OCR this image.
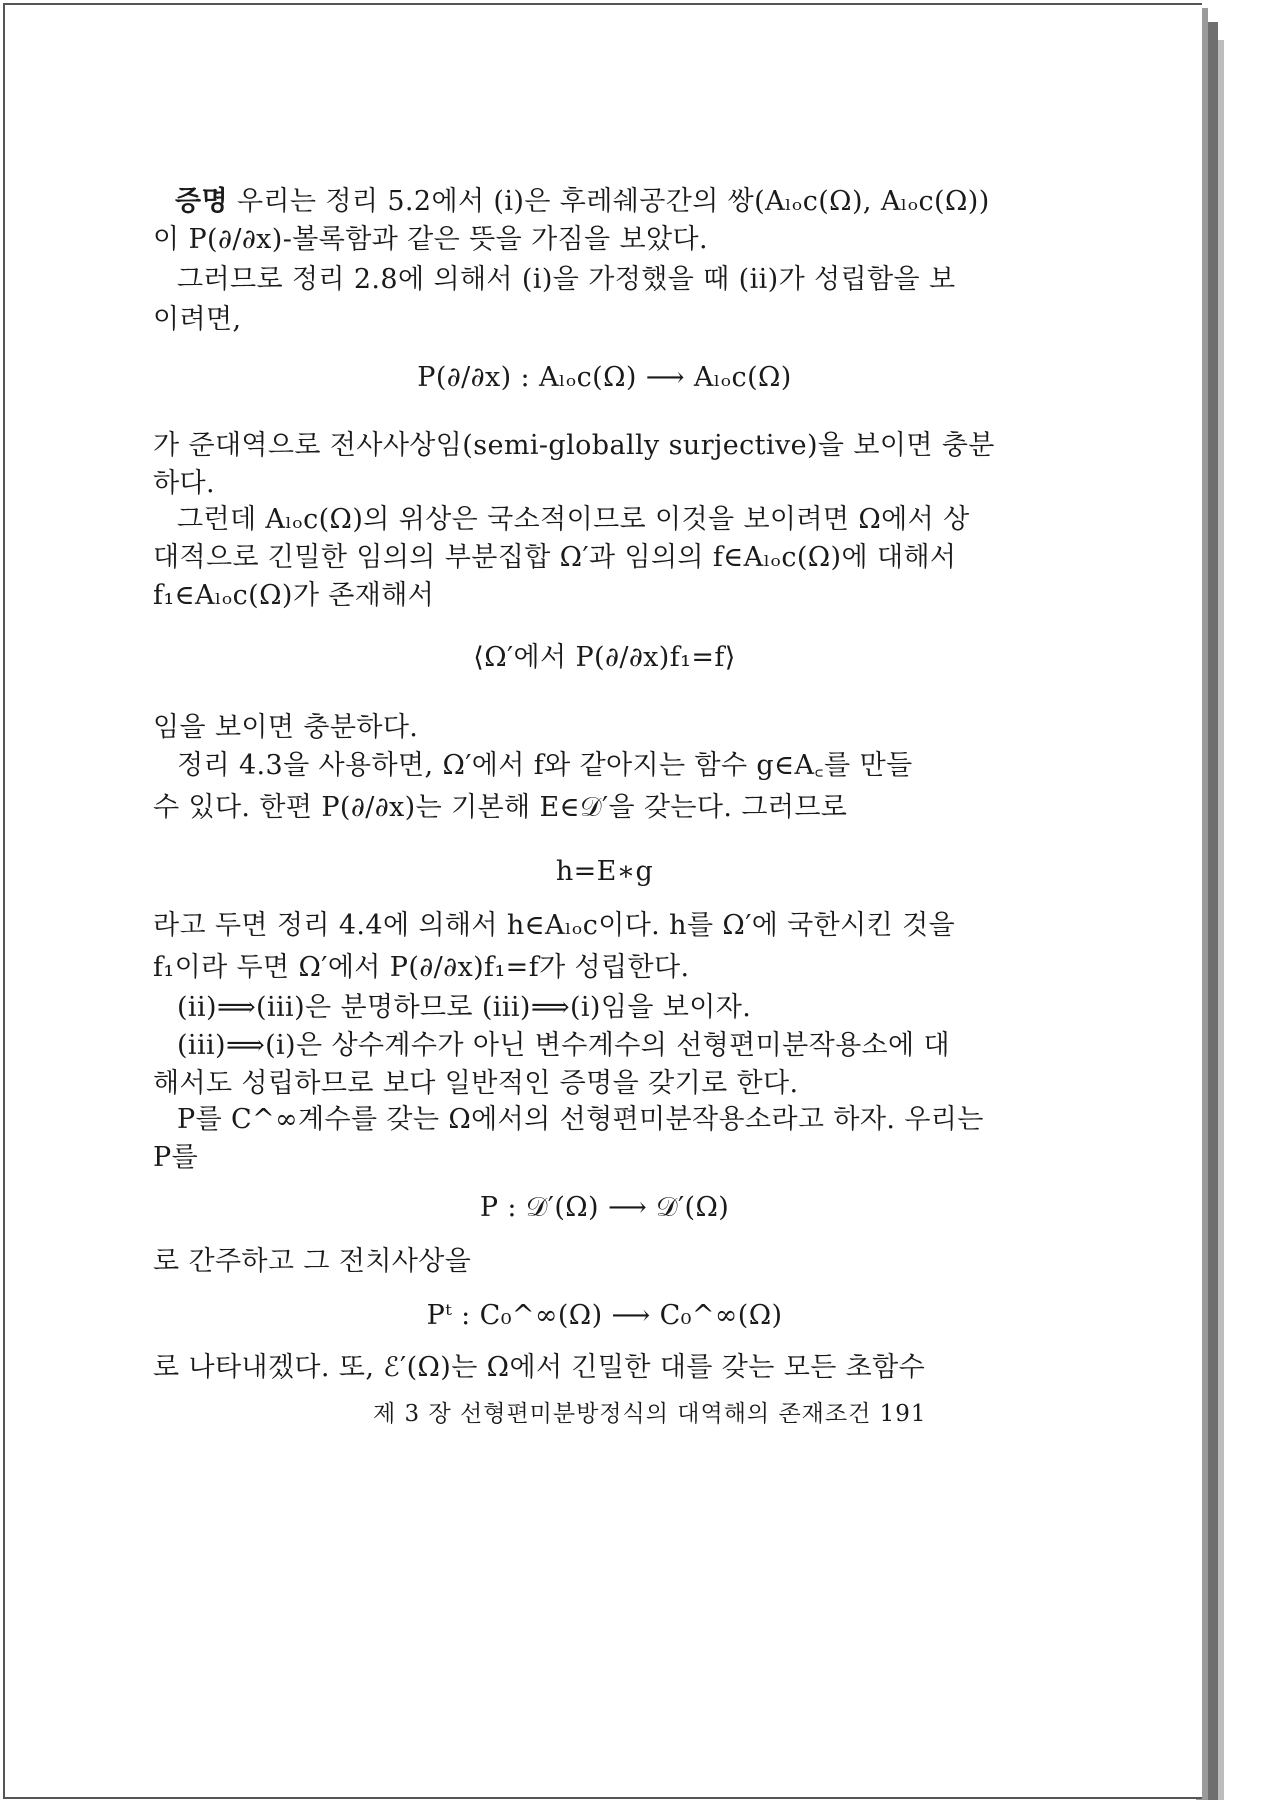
증명 우리는 정리 5.2에서 (i)은 후레쉐공간의 쌍(Aₗₒc(Ω), Aₗₒc(Ω))

이 P(∂/∂x)-볼록함과 같은 뜻을 가짐을 보았다.

그러므로 정리 2.8에 의해서 (i)을 가정했을 때 (ii)가 성립함을 보

이려면,

P(∂/∂x) : Aₗₒc(Ω) ⟶ Aₗₒc(Ω)

가 준대역으로 전사사상임(semi-globally surjective)을 보이면 충분

하다.

그런데 Aₗₒc(Ω)의 위상은 국소적이므로 이것을 보이려면 Ω에서 상

대적으로 긴밀한 임의의 부분집합 Ω′과 임의의 f∈Aₗₒc(Ω)에 대해서

f₁∈Aₗₒc(Ω)가 존재해서

⟨Ω′에서 P(∂/∂x)f₁=f⟩

임을 보이면 충분하다.

정리 4.3을 사용하면, Ω′에서 f와 같아지는 함수 g∈A꜀를 만들

수 있다. 한편 P(∂/∂x)는 기본해 E∈𝒟′을 갖는다. 그러므로

h=E∗g

라고 두면 정리 4.4에 의해서 h∈Aₗₒc이다. h를 Ω′에 국한시킨 것을

f₁이라 두면 Ω′에서 P(∂/∂x)f₁=f가 성립한다.

(ii)⟹(iii)은 분명하므로 (iii)⟹(i)임을 보이자.

(iii)⟹(i)은 상수계수가 아닌 변수계수의 선형편미분작용소에 대

해서도 성립하므로 보다 일반적인 증명을 갖기로 한다.

P를 C^∞계수를 갖는 Ω에서의 선형편미분작용소라고 하자. 우리는

P를

P : 𝒟′(Ω) ⟶ 𝒟′(Ω)

로 간주하고 그 전치사상을

Pᵗ : C₀^∞(Ω) ⟶ C₀^∞(Ω)

로 나타내겠다. 또, ℰ′(Ω)는 Ω에서 긴밀한 대를 갖는 모든 초함수

제 3 장 선형편미분방정식의 대역해의 존재조건 191
